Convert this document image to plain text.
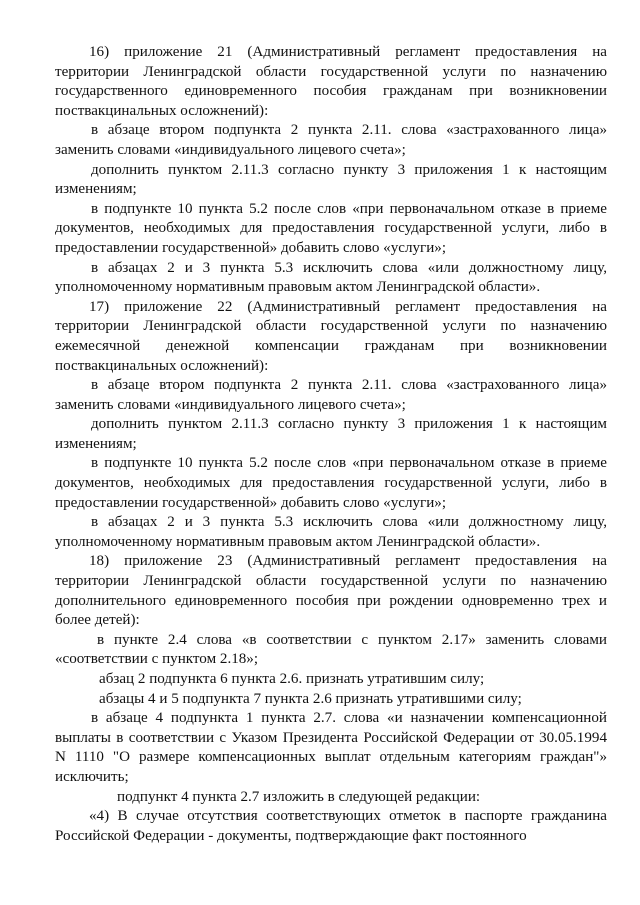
16) приложение 21 (Административный регламент предоставления на
территории Ленинградской области государственной услуги по назначению
государственного единовременного пособия гражданам при возникновении
поствакцинальных осложнений):
в абзаце втором подпункта 2 пункта 2.11. слова «застрахованного лица»
заменить словами «индивидуального лицевого счета»;
дополнить пунктом 2.11.3 согласно пункту 3 приложения 1 к настоящим
изменениям;
в подпункте 10 пункта 5.2 после слов «при первоначальном отказе в приеме
документов, необходимых для предоставления государственной услуги, либо в
предоставлении государственной» добавить слово «услуги»;
в абзацах 2 и 3 пункта 5.3 исключить слова «или должностному лицу,
уполномоченному нормативным правовым актом Ленинградской области».
17) приложение 22 (Административный регламент предоставления на
территории Ленинградской области государственной услуги по назначению
ежемесячной денежной компенсации гражданам при возникновении
поствакцинальных осложнений):
в абзаце втором подпункта 2 пункта 2.11. слова «застрахованного лица»
заменить словами «индивидуального лицевого счета»;
дополнить пунктом 2.11.3 согласно пункту 3 приложения 1 к настоящим
изменениям;
в подпункте 10 пункта 5.2 после слов «при первоначальном отказе в приеме
документов, необходимых для предоставления государственной услуги, либо в
предоставлении государственной» добавить слово «услуги»;
в абзацах 2 и 3 пункта 5.3 исключить слова «или должностному лицу,
уполномоченному нормативным правовым актом Ленинградской области».
18) приложение 23 (Административный регламент предоставления на
территории Ленинградской области государственной услуги по назначению
дополнительного единовременного пособия при рождении одновременно трех и
более детей):
в пункте 2.4 слова «в соответствии с пунктом 2.17» заменить словами
«соответствии с пунктом 2.18»;
абзац 2 подпункта 6 пункта 2.6. признать утратившим силу;
абзацы 4 и 5 подпункта 7 пункта 2.6 признать утратившими силу;
в абзаце 4 подпункта 1 пункта 2.7. слова «и назначении компенсационной
выплаты в соответствии с Указом Президента Российской Федерации от 30.05.1994
N 1110 "О размере компенсационных выплат отдельным категориям граждан"»
исключить;
подпункт 4 пункта 2.7 изложить в следующей редакции:
«4) В случае отсутствия соответствующих отметок в паспорте гражданина
Российской Федерации - документы, подтверждающие факт постоянного
